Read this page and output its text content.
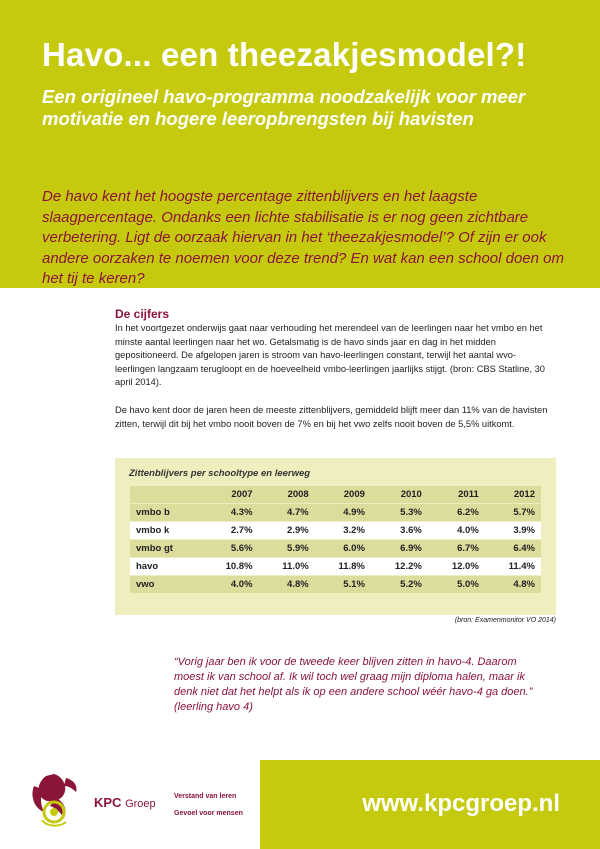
Havo... een theezakjesmodel?!

Een origineel havo-programma noodzakelijk voor meer motivatie en hogere leeropbrengsten bij havisten

De havo kent het hoogste percentage zittenblijvers en het laagste slaagpercentage. Ondanks een lichte stabilisatie is er nog geen zichtbare verbetering. Ligt de oorzaak hiervan in het ‘theezakjesmodel’? Of zijn er ook andere oorzaken te noemen voor deze trend? En wat kan een school doen om het tij te keren?

De cijfers

In het voortgezet onderwijs gaat naar verhouding het merendeel van de leerlingen naar het vmbo en het minste aantal leerlingen naar het wo. Getalsmatig is de havo sinds jaar en dag in het midden gepositioneerd. De afgelopen jaren is stroom van havo-leerlingen constant, terwijl het aantal wvo-leerlingen langzaam terugloopt en de hoeveelheid vmbo-leerlingen jaarlijks stijgt. (bron: CBS Statline, 30 april 2014).

De havo kent door de jaren heen de meeste zittenblijvers, gemiddeld blijft meer dan 11% van de havisten zitten, terwijl dit bij het vmbo nooit boven de 7% en bij het vwo zelfs nooit boven de 5,5% uitkomt.

Zittenblijvers per schooltype en leerweg

	2007	2008	2009	2010	2011	2012
vmbo b	4.3%	4.7%	4.9%	5.3%	6.2%	5.7%
vmbo k	2.7%	2.9%	3.2%	3.6%	4.0%	3.9%
vmbo gt	5.6%	5.9%	6.0%	6.9%	6.7%	6.4%
havo	10.8%	11.0%	11.8%	12.2%	12.0%	11.4%
vwo	4.0%	4.8%	5.1%	5.2%	5.0%	4.8%

(bron: Examenmonitor VO 2014)

“Vorig jaar ben ik voor de tweede keer blijven zitten in havo-4. Daarom moest ik van school af. Ik wil toch wel graag mijn diploma halen, maar ik denk niet dat het helpt als ik op een andere school wéér havo-4 ga doen.” (leerling havo 4)

KPC Groep

Verstand van leren

Gevoel voor mensen	www.kpcgroep.nl
